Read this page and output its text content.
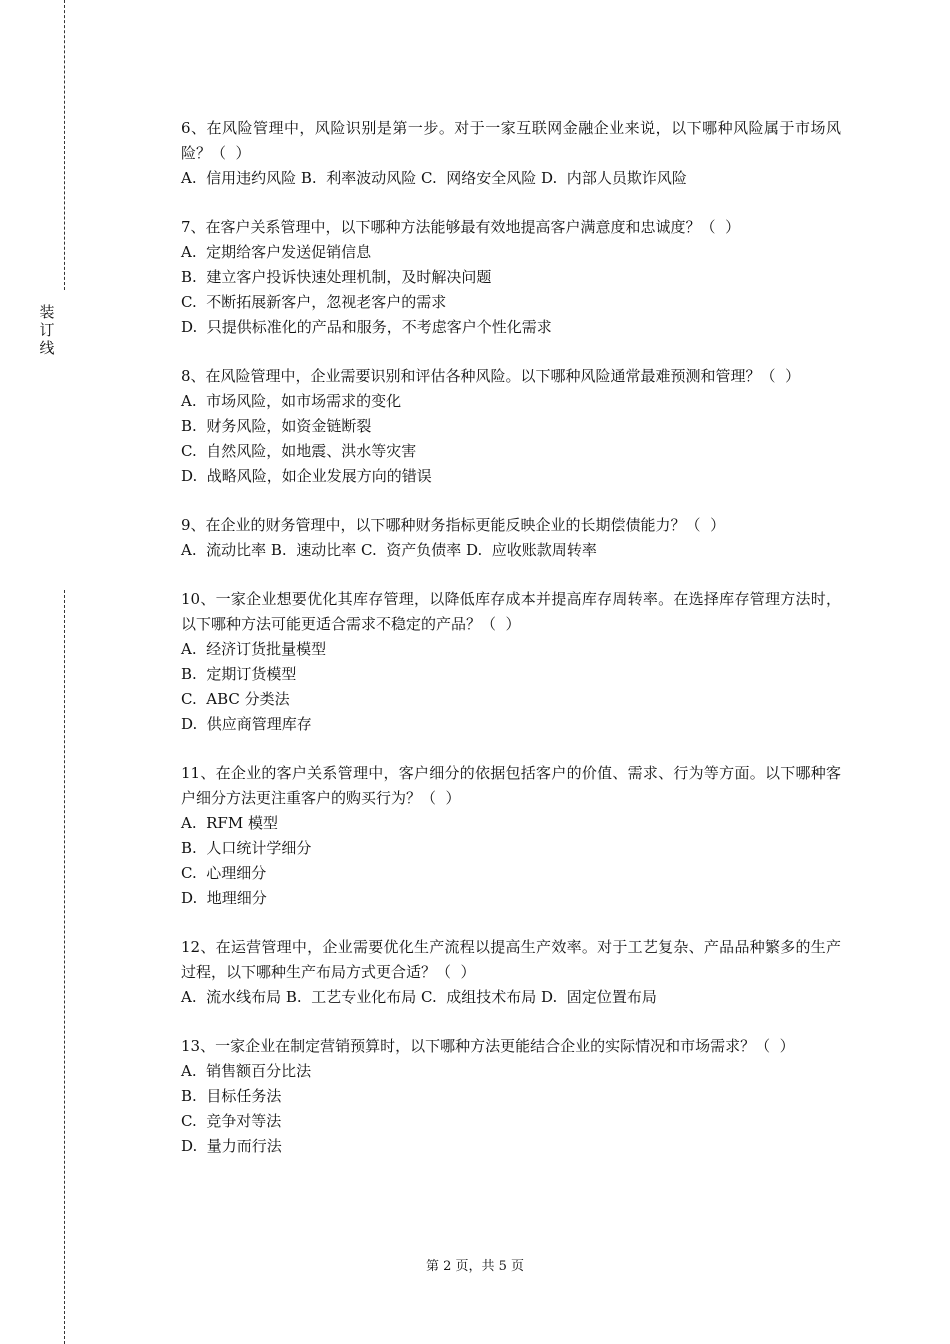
装
订
线

6、在风险管理中，风险识别是第一步。对于一家互联网金融企业来说，以下哪种风险属于市场风险？（  ）

A.  信用违约风险 B.  利率波动风险 C.  网络安全风险 D.  内部人员欺诈风险

7、在客户关系管理中，以下哪种方法能够最有效地提高客户满意度和忠诚度？（  ）

A.  定期给客户发送促销信息

B.  建立客户投诉快速处理机制，及时解决问题

C.  不断拓展新客户，忽视老客户的需求

D.  只提供标准化的产品和服务，不考虑客户个性化需求

8、在风险管理中，企业需要识别和评估各种风险。以下哪种风险通常最难预测和管理？（  ）

A.  市场风险，如市场需求的变化

B.  财务风险，如资金链断裂

C.  自然风险，如地震、洪水等灾害

D.  战略风险，如企业发展方向的错误

9、在企业的财务管理中，以下哪种财务指标更能反映企业的长期偿债能力？（  ）

A.  流动比率 B.  速动比率 C.  资产负债率 D.  应收账款周转率

10、一家企业想要优化其库存管理，以降低库存成本并提高库存周转率。在选择库存管理方法时，以下哪种方法可能更适合需求不稳定的产品？（  ）

A.  经济订货批量模型

B.  定期订货模型

C.  ABC 分类法

D.  供应商管理库存

11、在企业的客户关系管理中，客户细分的依据包括客户的价值、需求、行为等方面。以下哪种客户细分方法更注重客户的购买行为？（  ）

A.  RFM 模型

B.  人口统计学细分

C.  心理细分

D.  地理细分

12、在运营管理中，企业需要优化生产流程以提高生产效率。对于工艺复杂、产品品种繁多的生产过程，以下哪种生产布局方式更合适？（  ）

A.  流水线布局 B.  工艺专业化布局 C.  成组技术布局 D.  固定位置布局

13、一家企业在制定营销预算时，以下哪种方法更能结合企业的实际情况和市场需求？（  ）

A.  销售额百分比法

B.  目标任务法

C.  竞争对等法

D.  量力而行法

第 2 页，共 5 页
